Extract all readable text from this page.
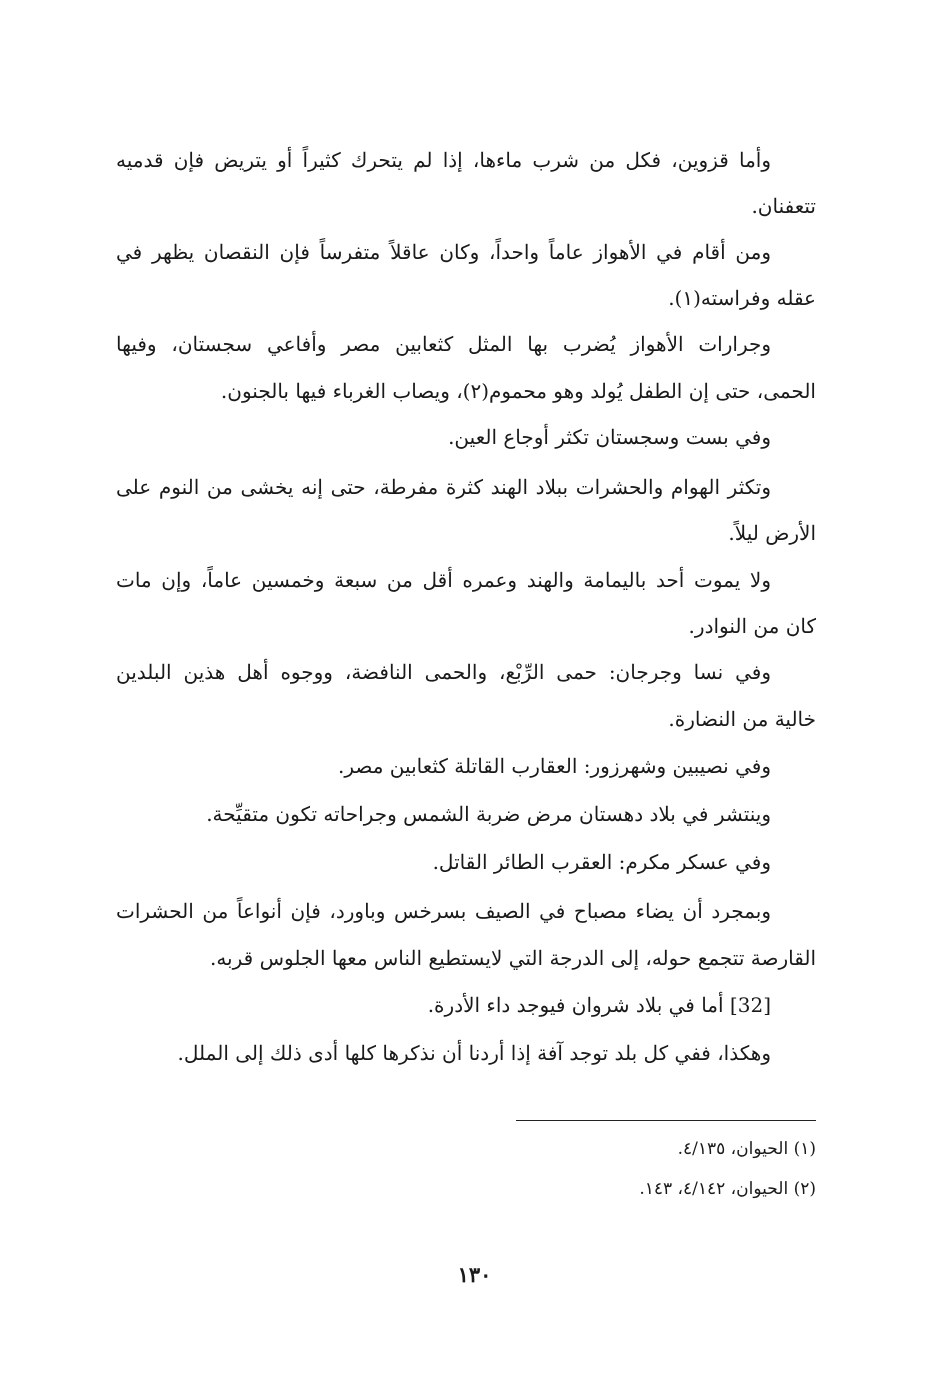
وأما قزوين، فكل من شرب ماءها، إذا لم يتحرك كثيراً أو يتريض فإن قدميه
تتعفنان.
ومن أقام في الأهواز عاماً واحداً، وكان عاقلاً متفرساً فإن النقصان يظهر في
عقله وفراسته(١).
وجرارات الأهواز يُضرب بها المثل كثعابين مصر وأفاعي سجستان، وفيها
الحمى، حتى إن الطفل يُولد وهو محموم(٢)، ويصاب الغرباء فيها بالجنون.
وفي بست وسجستان تكثر أوجاع العين.
وتكثر الهوام والحشرات ببلاد الهند كثرة مفرطة، حتى إنه يخشى من النوم على
الأرض ليلاً.
ولا يموت أحد باليمامة والهند وعمره أقل من سبعة وخمسين عاماً، وإن مات
كان من النوادر.
وفي نسا وجرجان: حمى الرِّبْع، والحمى النافضة، ووجوه أهل هذين البلدين
خالية من النضارة.
وفي نصيبين وشهرزور: العقارب القاتلة كثعابين مصر.
وينتشر في بلاد دهستان مرض ضربة الشمس وجراحاته تكون متقيِّحة.
وفي عسكر مكرم: العقرب الطائر القاتل.
وبمجرد أن يضاء مصباح في الصيف بسرخس وباورد، فإن أنواعاً من الحشرات
القارصة تتجمع حوله، إلى الدرجة التي لايستطيع الناس معها الجلوس قربه.
[32] أما في بلاد شروان فيوجد داء الأدرة.
وهكذا، ففي كل بلد توجد آفة إذا أردنا أن نذكرها كلها أدى ذلك إلى الملل.
(١) الحيوان، ٤/١٣٥.
(٢) الحيوان، ٤/١٤٢، ١٤٣.
١٣٠
